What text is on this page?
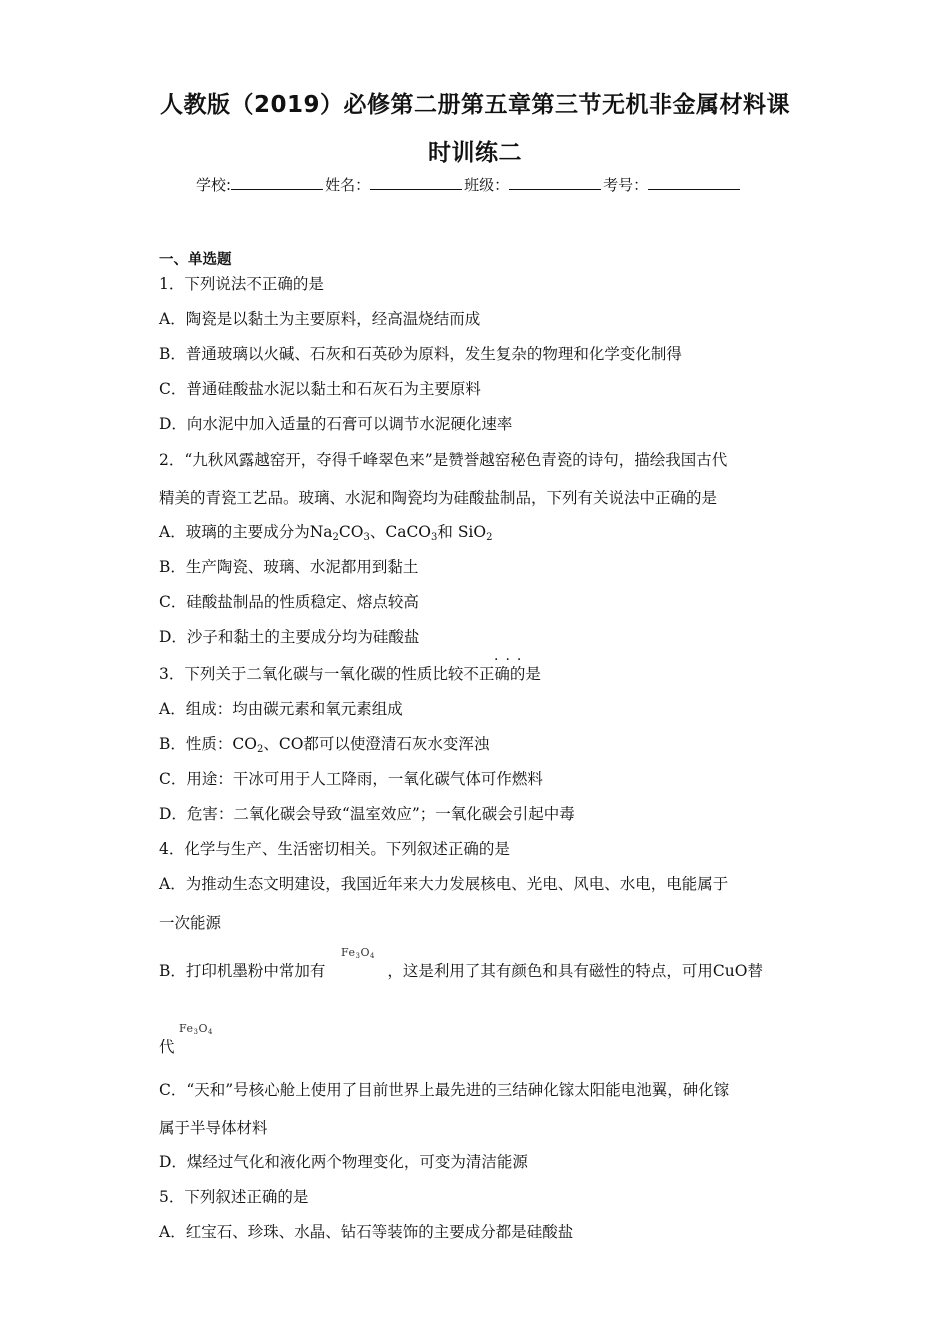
人教版（2019）必修第二册第五章第三节无机非金属材料课
时训练二
学校:	姓名：	班级：	考号：
一、单选题
1．下列说法不正确的是
A．陶瓷是以黏土为主要原料，经高温烧结而成
B．普通玻璃以火碱、石灰和石英砂为原料，发生复杂的物理和化学变化制得
C．普通硅酸盐水泥以黏土和石灰石为主要原料
D．向水泥中加入适量的石膏可以调节水泥硬化速率
2．“九秋风露越窑开，夺得千峰翠色来”是赞誉越窑秘色青瓷的诗句，描绘我国古代
精美的青瓷工艺品。玻璃、水泥和陶瓷均为硅酸盐制品，下列有关说法中正确的是
A．玻璃的主要成分为$Na_2CO_3$、CaCO$_3$和 SiO$_2$
B．生产陶瓷、玻璃、水泥都用到黏土
C．硅酸盐制品的性质稳定、熔点较高
D．沙子和黏土的主要成分均为硅酸盐
···
3．下列关于二氧化碳与一氧化碳的性质比较不正确的是
A．组成：均由碳元素和氧元素组成
B．性质：$CO_2$、CO都可以使澄清石灰水变浑浊
C．用途：干冰可用于人工降雨，一氧化碳气体可作燃料
D．危害：二氧化碳会导致“温室效应”；一氧化碳会引起中毒
4．化学与生产、生活密切相关。下列叙述正确的是
A．为推动生态文明建设，我国近年来大力发展核电、光电、风电、水电，电能属于
一次能源
$Fe_3O_4$
B．打印机墨粉中常加有	，这是利用了其有颜色和具有磁性的特点，可用CuO替
$Fe_3O_4$
代
C．“天和”号核心舱上使用了目前世界上最先进的三结砷化镓太阳能电池翼，砷化镓
属于半导体材料
D．煤经过气化和液化两个物理变化，可变为清洁能源
5．下列叙述正确的是
A．红宝石、珍珠、水晶、钻石等装饰的主要成分都是硅酸盐
